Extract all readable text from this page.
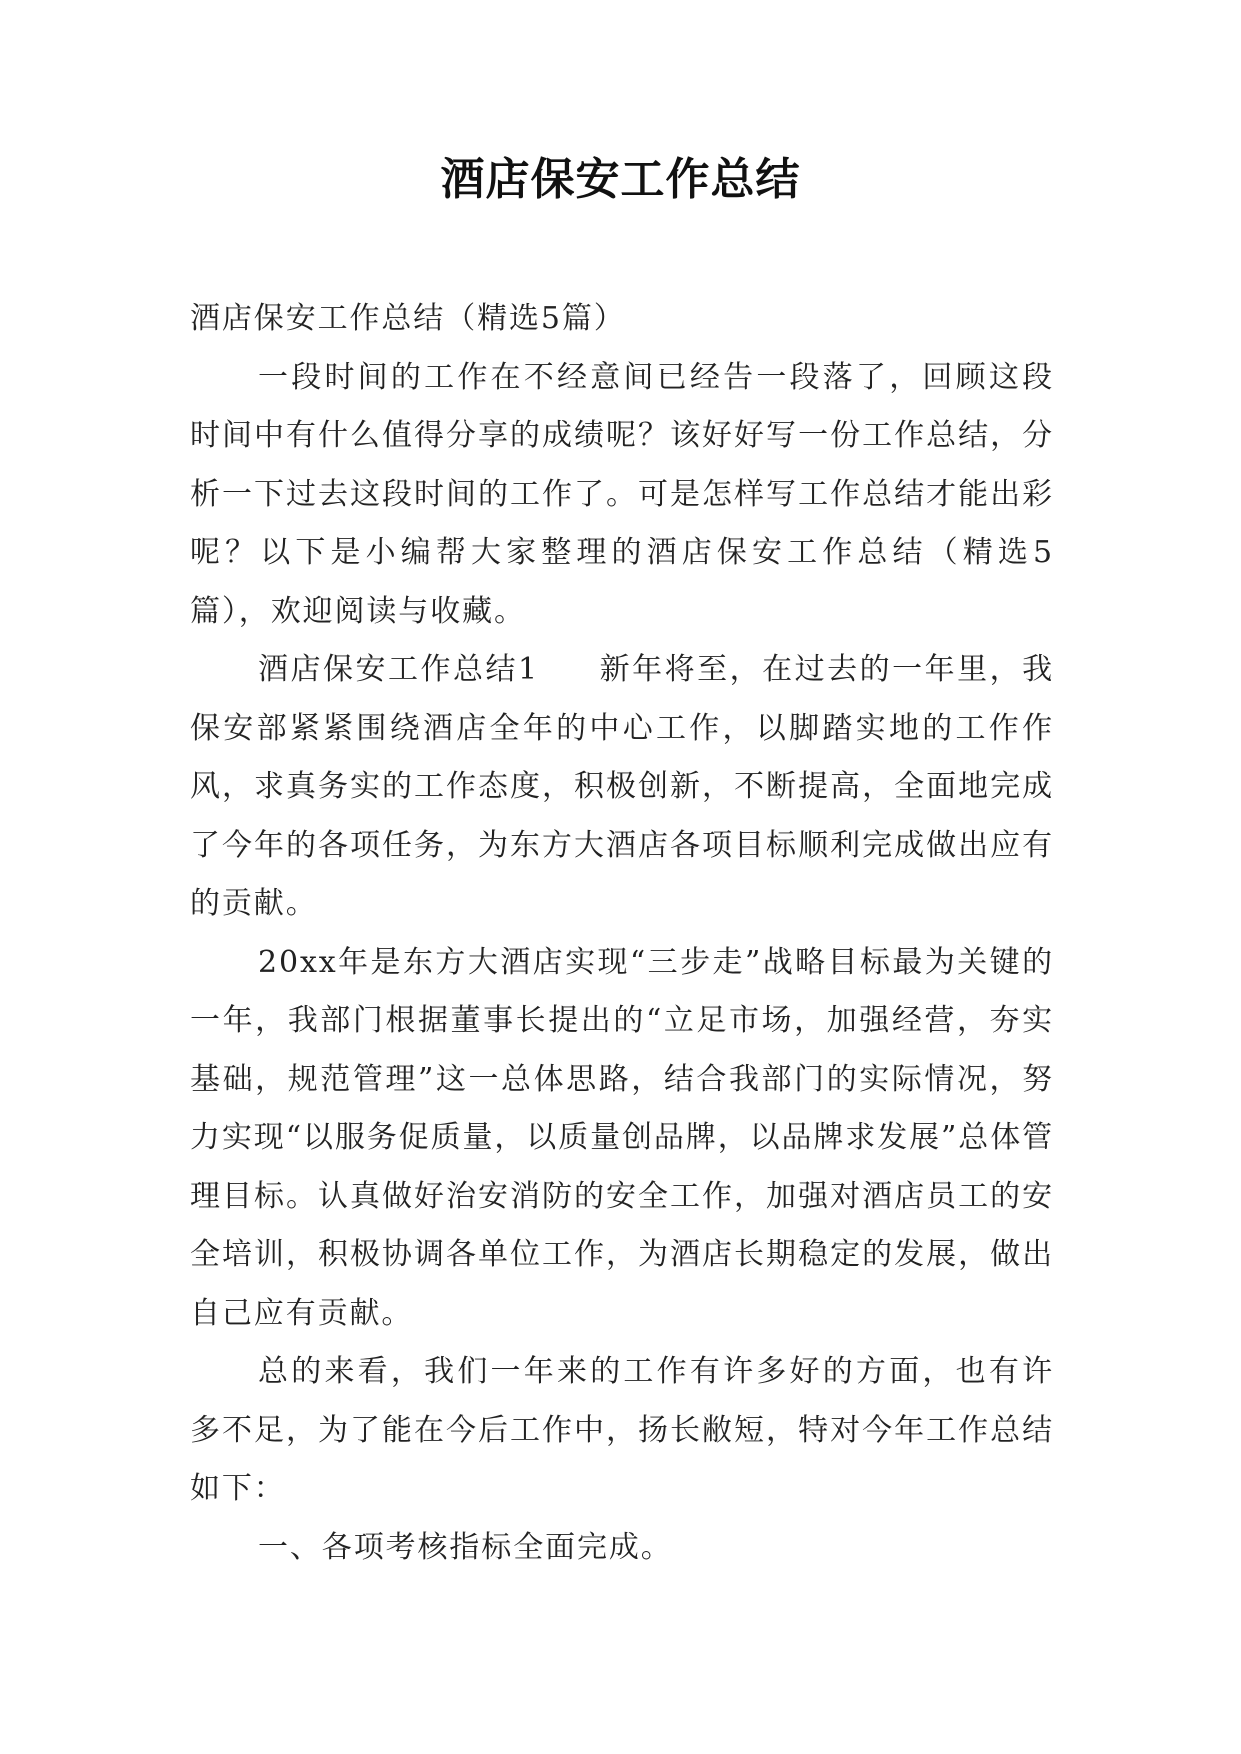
酒店保安工作总结

酒店保安工作总结（精选5篇）

一段时间的工作在不经意间已经告一段落了，回顾这段时间中有什么值得分享的成绩呢？该好好写一份工作总结，分析一下过去这段时间的工作了。可是怎样写工作总结才能出彩呢？以下是小编帮大家整理的酒店保安工作总结（精选5篇），欢迎阅读与收藏。

酒店保安工作总结1 新年将至，在过去的一年里，我保安部紧紧围绕酒店全年的中心工作，以脚踏实地的工作作风，求真务实的工作态度，积极创新，不断提高，全面地完成了今年的各项任务，为东方大酒店各项目标顺利完成做出应有的贡献。

20xx年是东方大酒店实现“三步走”战略目标最为关键的一年，我部门根据董事长提出的“立足市场，加强经营，夯实基础，规范管理”这一总体思路，结合我部门的实际情况，努力实现“以服务促质量，以质量创品牌，以品牌求发展”总体管理目标。认真做好治安消防的安全工作，加强对酒店员工的安全培训，积极协调各单位工作，为酒店长期稳定的发展，做出自己应有贡献。

总的来看，我们一年来的工作有许多好的方面，也有许多不足，为了能在今后工作中，扬长敝短，特对今年工作总结如下：

一、各项考核指标全面完成。
